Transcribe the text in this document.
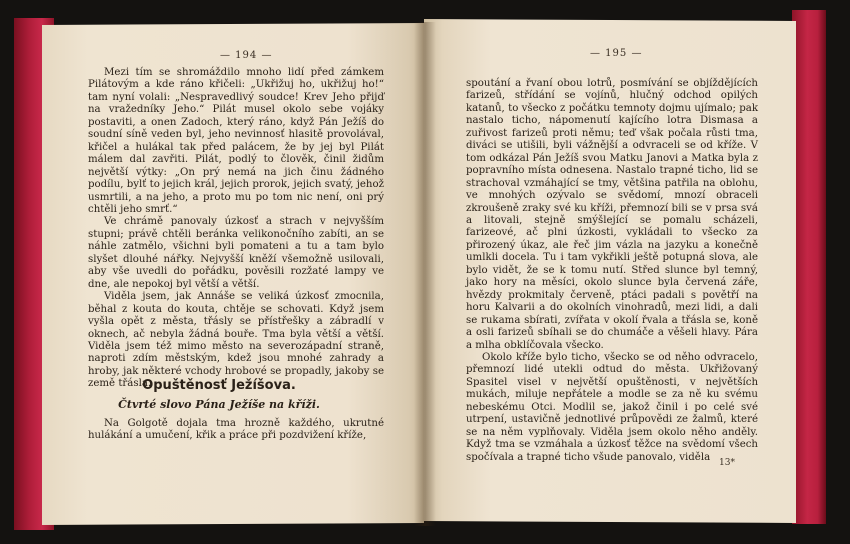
— 194 —	— 195 —

Mezi tím se shromáždilo mnoho lidí před zámkem Pilátovým a kde ráno křičeli: „Ukřižuj ho, ukřižuj ho!“ tam nyní volali: „Nespravedlivý soudce! Krev Jeho přijď na vražedníky Jeho.“ Pilát musel okolo sebe vojáky postaviti, a onen Zadoch, který ráno, když Pán Ježíš do soudní síně veden byl, jeho nevinnosť hlasitě provolával, křičel a hulákal tak před palácem, že by jej byl Pilát málem dal zavřiti. Pilát, podlý to člověk, činil židům největší výtky: „On prý nemá na jich činu žádného podílu, bylť to jejich král, jejich prorok, jejich svatý, jehož usmrtili, a na jeho, a proto mu po tom nic není, oni prý chtěli jeho smrť.“

Ve chrámě panovaly úzkosť a strach v nejvyšším stupni; právě chtěli beránka velikonočního zabíti, an se náhle zatmělo, všichni byli pomateni a tu a tam bylo slyšet dlouhé nářky. Nejvyšší kněží všemožně usilovali, aby vše uvedli do pořádku, pověsili rozžaté lampy ve dne, ale nepokoj byl větší a větší.

Viděla jsem, jak Annáše se veliká úzkosť zmocnila, běhal z kouta do kouta, chtěje se schovati. Když jsem vyšla opět z města, třásly se přístřešky a zábradlí v oknech, ač nebyla žádná bouře. Tma byla větší a větší. Viděla jsem též mimo město na severozápadní straně, naproti zdím městským, kdež jsou mnohé zahrady a hroby, jak některé vchody hrobové se propadly, jakoby se země třásla.

Opuštěnosť Ježíšova.
Čtvrté slovo Pána Ježíše na kříži.

Na Golgotě dojala tma hrozně každého, ukrutné hulákání a umučení, křik a práce při pozdvižení kříže,

spoutání a řvaní obou lotrů, posmívání se objíždějících farizeů, střídání se vojínů, hlučný odchod opilých katanů, to všecko z počátku temnoty dojmu ujímalo; pak nastalo ticho, nápomenutí kajícího lotra Dismasa a zuřivost farizeů proti němu; teď však počala růsti tma, diváci se utišili, byli vážnější a odvraceli se od kříže. V tom odkázal Pán Ježíš svou Matku Janovi a Matka byla z popravního místa odnesena. Nastalo trapné ticho, lid se strachoval vzmáhající se tmy, většina patřila na oblohu, ve mnohých ozývalo se svědomí, mnozí obraceli zkroušeně zraky své ku kříži, přemnozí bili se v prsa svá a litovali, stejně smýšlející se pomalu scházeli, farizeové, ač plni úzkosti, vykládali to všecko za přirozený úkaz, ale řeč jim vázla na jazyku a konečně umlkli docela. Tu i tam vykřikli ještě potupná slova, ale bylo vidět, že se k tomu nutí. Střed slunce byl temný, jako hory na měsíci, okolo slunce byla červená záře, hvězdy prokmitaly červeně, ptáci padali s povětří na horu Kalvarii a do okolních vinohradů, mezi lidi, a dali se rukama sbírati, zvířata v okolí řvala a třásla se, koně a osli farizeů sbíhali se do chumáče a věšeli hlavy. Pára a mlha obklíčovala všecko.

Okolo kříže bylo ticho, všecko se od něho odvracelo, přemnozí lidé utekli odtud do města. Ukřižovaný Spasitel visel v největší opuštěnosti, v největších mukách, miluje nepřátele a modle se za ně ku svému nebeskému Otci. Modlil se, jakož činil i po celé své utrpení, ustavičně jednotlivé průpovědi ze žalmů, které se na něm vyplňovaly. Viděla jsem okolo něho anděly. Když tma se vzmáhala a úzkosť těžce na svědomí všech spočívala a trapné ticho všude panovalo, viděla

13*
